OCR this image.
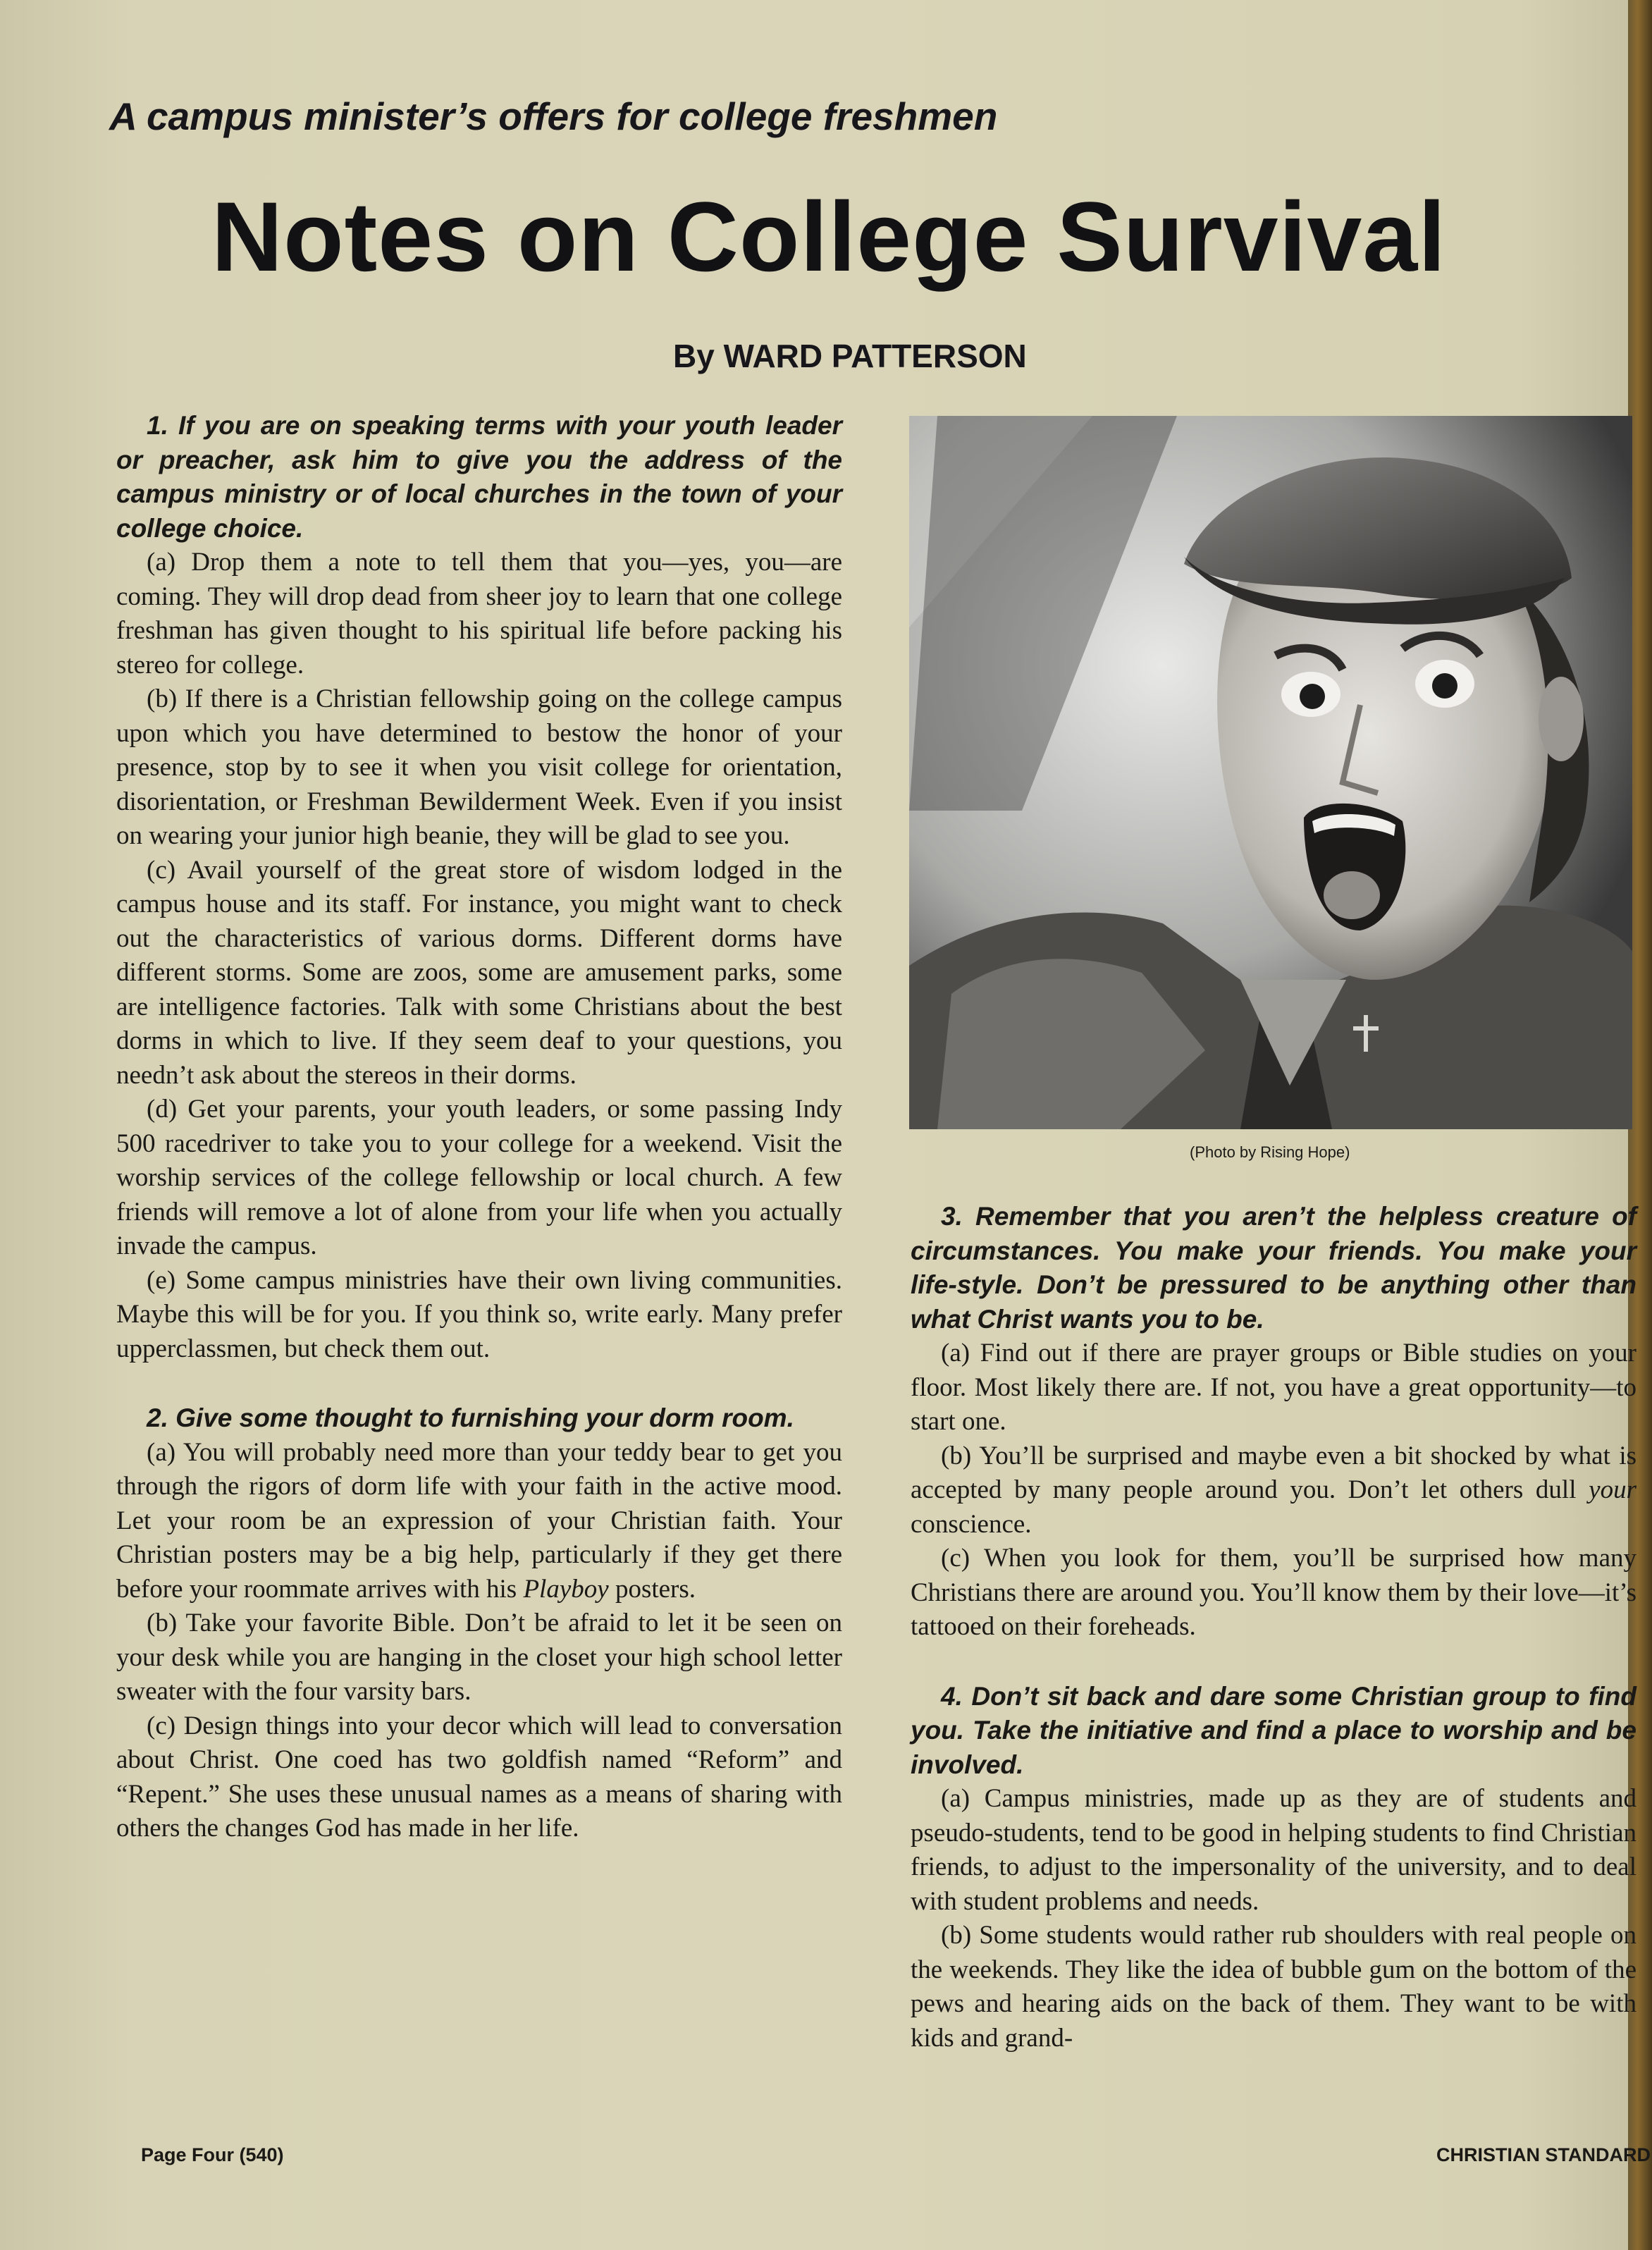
A campus minister’s offers for college freshmen
Notes on College Survival
By WARD PATTERSON

1. If you are on speaking terms with your youth leader or preacher, ask him to give you the address of the campus ministry or of local churches in the town of your college choice.

(a) Drop them a note to tell them that you—yes, you—are coming. They will drop dead from sheer joy to learn that one college freshman has given thought to his spiritual life before packing his stereo for college.

(b) If there is a Christian fellowship going on the college campus upon which you have determined to bestow the honor of your presence, stop by to see it when you visit college for orientation, disorientation, or Freshman Bewilderment Week. Even if you insist on wearing your junior high beanie, they will be glad to see you.

(c) Avail yourself of the great store of wisdom lodged in the campus house and its staff. For instance, you might want to check out the characteristics of various dorms. Different dorms have different storms. Some are zoos, some are amusement parks, some are intelligence factories. Talk with some Christians about the best dorms in which to live. If they seem deaf to your questions, you needn’t ask about the stereos in their dorms.

(d) Get your parents, your youth leaders, or some passing Indy 500 racedriver to take you to your college for a weekend. Visit the worship services of the college fellowship or local church. A few friends will remove a lot of alone from your life when you actually invade the campus.

(e) Some campus ministries have their own living communities. Maybe this will be for you. If you think so, write early. Many prefer upperclassmen, but check them out.

2. Give some thought to furnishing your dorm room.

(a) You will probably need more than your teddy bear to get you through the rigors of dorm life with your faith in the active mood. Let your room be an expression of your Christian faith. Your Christian posters may be a big help, particularly if they get there before your roommate arrives with his Playboy posters.

(b) Take your favorite Bible. Don’t be afraid to let it be seen on your desk while you are hanging in the closet your high school letter sweater with the four varsity bars.

(c) Design things into your decor which will lead to conversation about Christ. One coed has two goldfish named “Reform” and “Repent.” She uses these unusual names as a means of sharing with others the changes God has made in her life.

(Photo by Rising Hope)

3. Remember that you aren’t the helpless creature of circumstances. You make your friends. You make your life-style. Don’t be pressured to be anything other than what Christ wants you to be.

(a) Find out if there are prayer groups or Bible studies on your floor. Most likely there are. If not, you have a great opportunity—to start one.

(b) You’ll be surprised and maybe even a bit shocked by what is accepted by many people around you. Don’t let others dull your conscience.

(c) When you look for them, you’ll be surprised how many Christians there are around you. You’ll know them by their love—it’s tattooed on their foreheads.

4. Don’t sit back and dare some Christian group to find you. Take the initiative and find a place to worship and be involved.

(a) Campus ministries, made up as they are of students and pseudo-students, tend to be good in helping students to find Christian friends, to adjust to the impersonality of the university, and to deal with student problems and needs.

(b) Some students would rather rub shoulders with real people on the weekends. They like the idea of bubble gum on the bottom of the pews and hearing aids on the back of them. They want to be with kids and grand-

Page Four (540)	CHRISTIAN STANDARD
